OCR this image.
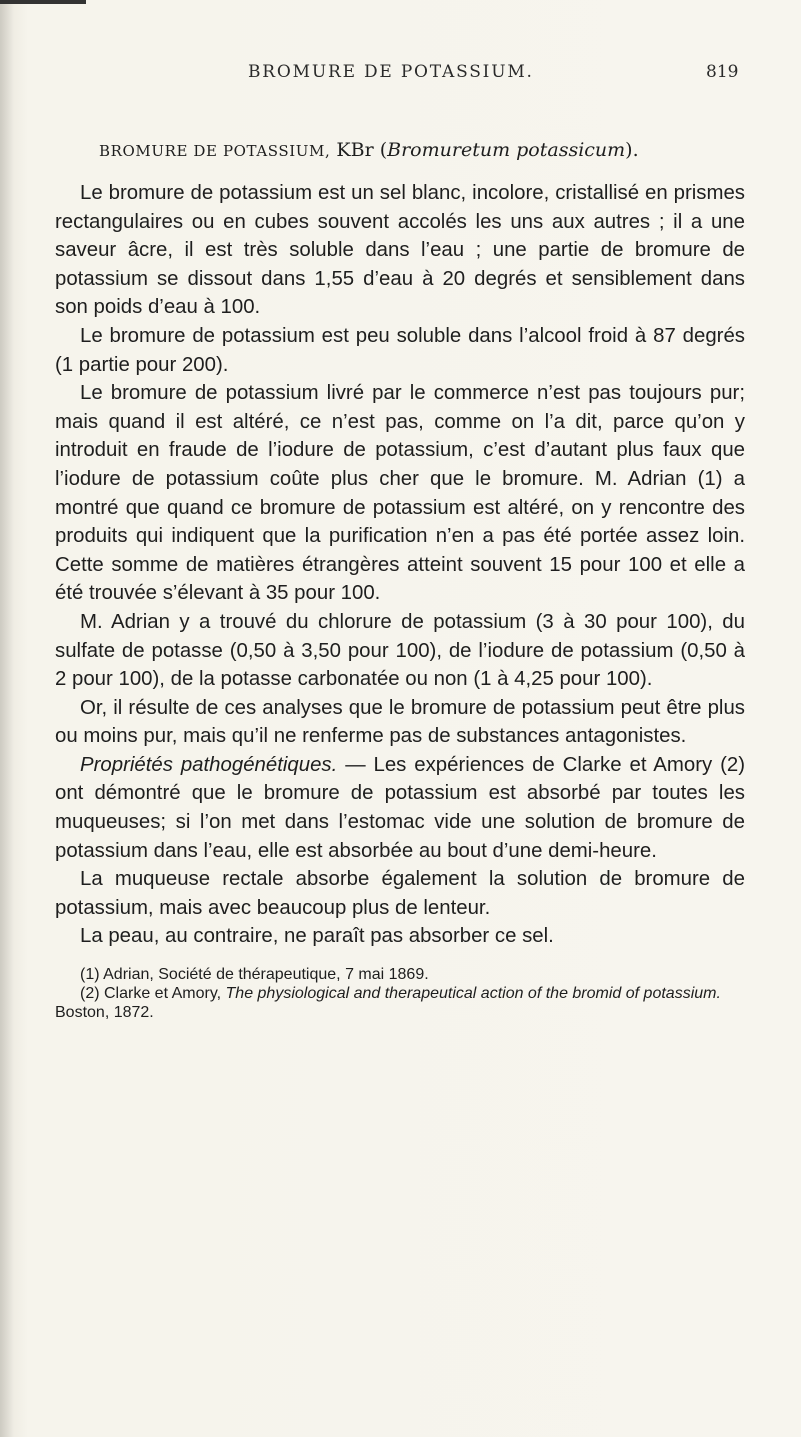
BROMURE DE POTASSIUM.	819
BROMURE DE POTASSIUM, KBr (Bromuretum potassicum).

Le bromure de potassium est un sel blanc, incolore, cristallisé en prismes rectangulaires ou en cubes souvent accolés les uns aux autres ; il a une saveur âcre, il est très soluble dans l’eau ; une partie de bromure de potassium se dissout dans 1,55 d’eau à 20 degrés et sensiblement dans son poids d’eau à 100.

Le bromure de potassium est peu soluble dans l’alcool froid à 87 degrés (1 partie pour 200).

Le bromure de potassium livré par le commerce n’est pas toujours pur; mais quand il est altéré, ce n’est pas, comme on l’a dit, parce qu’on y introduit en fraude de l’iodure de potassium, c’est d’autant plus faux que l’iodure de potassium coûte plus cher que le bromure. M. Adrian (1) a montré que quand ce bromure de potassium est altéré, on y rencontre des produits qui indiquent que la purification n’en a pas été portée assez loin. Cette somme de matières étrangères atteint souvent 15 pour 100 et elle a été trouvée s’élevant à 35 pour 100.

M. Adrian y a trouvé du chlorure de potassium (3 à 30 pour 100), du sulfate de potasse (0,50 à 3,50 pour 100), de l’iodure de potassium (0,50 à 2 pour 100), de la potasse carbonatée ou non (1 à 4,25 pour 100).

Or, il résulte de ces analyses que le bromure de potassium peut être plus ou moins pur, mais qu’il ne renferme pas de substances antagonistes.

Propriétés pathogénétiques. — Les expériences de Clarke et Amory (2) ont démontré que le bromure de potassium est absorbé par toutes les muqueuses; si l’on met dans l’estomac vide une solution de bromure de potassium dans l’eau, elle est absorbée au bout d’une demi-heure.

La muqueuse rectale absorbe également la solution de bromure de potassium, mais avec beaucoup plus de lenteur.

La peau, au contraire, ne paraît pas absorber ce sel.

(1) Adrian, Société de thérapeutique, 7 mai 1869.

(2) Clarke et Amory, The physiological and therapeutical action of the bromid of potassium. Boston, 1872.
